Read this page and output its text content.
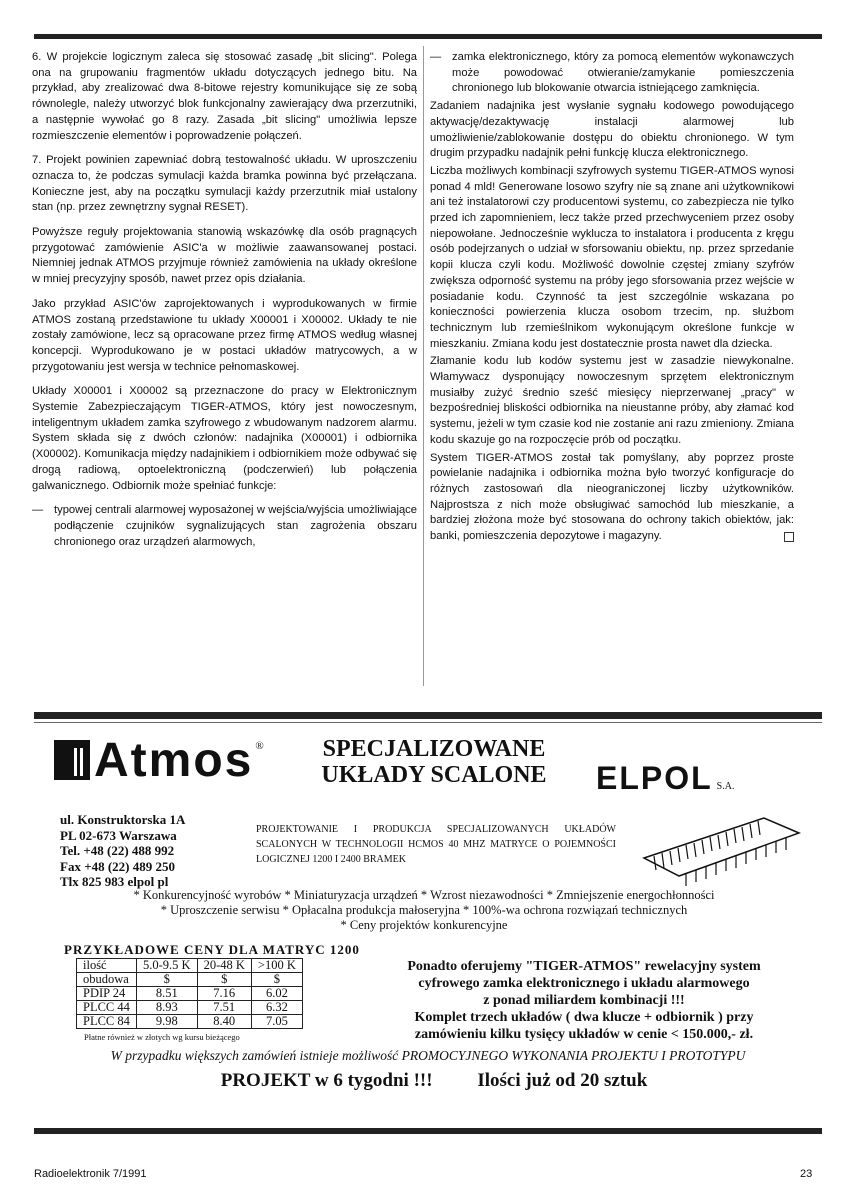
6. W projekcie logicznym zaleca się stosować zasadę „bit slicing". Polega ona na grupowaniu fragmentów układu dotyczących jednego bitu. Na przykład, aby zrealizować dwa 8-bitowe rejestry komunikujące się ze sobą równolegle, należy utworzyć blok funkcjonalny zawierający dwa przerzutniki, a następnie wywołać go 8 razy. Zasada „bit slicing" umożliwia lepsze rozmieszczenie elementów i poprowadzenie połączeń.

7. Projekt powinien zapewniać dobrą testowalność układu. W uproszczeniu oznacza to, że podczas symulacji każda bramka powinna być przełączana. Konieczne jest, aby na początku symulacji każdy przerzutnik miał ustalony stan (np. przez zewnętrzny sygnał RESET).

Powyższe reguły projektowania stanowią wskazówkę dla osób pragnących przygotować zamówienie ASIC'a w możliwie zaawansowanej postaci. Niemniej jednak ATMOS przyjmuje również zamówienia na układy określone w mniej precyzyjny sposób, nawet przez opis działania.

Jako przykład ASIC'ów zaprojektowanych i wyprodukowanych w firmie ATMOS zostaną przedstawione tu układy X00001 i X00002. Układy te nie zostały zamówione, lecz są opracowane przez firmę ATMOS według własnej koncepcji. Wyprodukowano je w postaci układów matrycowych, a w przygotowaniu jest wersja w technice pełnomaskowej.

Układy X00001 i X00002 są przeznaczone do pracy w Elektronicznym Systemie Zabezpieczającym TIGER-ATMOS, który jest nowoczesnym, inteligentnym układem zamka szyfrowego z wbudowanym nadzorem alarmu. System składa się z dwóch członów: nadajnika (X00001) i odbiornika (X00002). Komunikacja między nadajnikiem i odbiornikiem może odbywać się drogą radiową, optoelektroniczną (podczerwień) lub połączenia galwanicznego. Odbiornik może spełniać funkcje:

— typowej centrali alarmowej wyposażonej w wejścia/wyjścia umożliwiające podłączenie czujników sygnalizujących stan zagrożenia obszaru chronionego oraz urządzeń alarmowych,
— zamka elektronicznego, który za pomocą elementów wykonawczych może powodować otwieranie/zamykanie pomieszczenia chronionego lub blokowanie otwarcia istniejącego zamknięcia.

Zadaniem nadajnika jest wysłanie sygnału kodowego powodującego aktywację/dezaktywację instalacji alarmowej lub umożliwienie/zablokowanie dostępu do obiektu chronionego. W tym drugim przypadku nadajnik pełni funkcję klucza elektronicznego.

Liczba możliwych kombinacji szyfrowych systemu TIGER-ATMOS wynosi ponad 4 mld! Generowane losowo szyfry nie są znane ani użytkownikowi ani też instalatorowi czy producentowi systemu, co zabezpiecza nie tylko przed ich zapomnieniem, lecz także przed przechwyceniem przez osoby niepowołane. Jednocześnie wyklucza to instalatora i producenta z kręgu osób podejrzanych o udział w sforsowaniu obiektu, np. przez sprzedanie kopii klucza czyli kodu. Możliwość dowolnie częstej zmiany szyfrów zwiększa odporność systemu na próby jego sforsowania przez wejście w posiadanie kodu. Czynność ta jest szczególnie wskazana po konieczności powierzenia klucza osobom trzecim, np. służbom technicznym lub rzemieślnikom wykonującym określone funkcje w mieszkaniu. Zmiana kodu jest dostatecznie prosta nawet dla dziecka.

Złamanie kodu lub kodów systemu jest w zasadzie niewykonalne. Włamywacz dysponujący nowoczesnym sprzętem elektronicznym musiałby zużyć średnio sześć miesięcy nieprzerwanej „pracy" w bezpośredniej bliskości odbiornika na nieustanne próby, aby złamać kod systemu, jeżeli w tym czasie kod nie zostanie ani razu zmieniony. Zmiana kodu skazuje go na rozpoczęcie prób od początku.

System TIGER-ATMOS został tak pomyślany, aby poprzez proste powielanie nadajnika i odbiornika można było tworzyć konfiguracje do różnych zastosowań dla nieograniczonej liczby użytkowników. Najprostsza z nich może obsługiwać samochód lub mieszkanie, a bardziej złożona może być stosowana do ochrony takich obiektów, jak: banki, pomieszczenia depozytowe i magazyny.

Atmos ®	SPECJALIZOWANE
UKŁADY SCALONE	ELPOL S.A.
ul. Konstruktorska 1A
PL 02-673 Warszawa
Tel. +48 (22) 488 992
Fax +48 (22) 489 250
Tlx 825 983 elpol pl
PROJEKTOWANIE I PRODUKCJA SPECJALIZOWANYCH UKŁADÓW SCALONYCH W TECHNOLOGII HCMOS 40 MHZ MATRYCE O POJEMNOŚCI LOGICZNEJ 1200 I 2400 BRAMEK
* Konkurencyjność wyrobów * Miniaturyzacja urządzeń * Wzrost niezawodności * Zmniejszenie energochłonności
* Uproszczenie serwisu * Opłacalna produkcja małoseryjna * 100%-wa ochrona rozwiązań technicznych
* Ceny projektów konkurencyjne
PRZYKŁADOWE CENY DLA MATRYC 1200
ilość	5.0-9.5 K	20-48 K	>100 K
obudowa	$	$	$
PDIP 24	8.51	7.16	6.02
PLCC 44	8.93	7.51	6.32
PLCC 84	9.98	8.40	7.05
Płatne również w złotych wg kursu bieżącego
Ponadto oferujemy "TIGER-ATMOS" rewelacyjny system
cyfrowego zamka elektronicznego i układu alarmowego
z ponad miliardem kombinacji !!!
Komplet trzech układów ( dwa klucze + odbiornik ) przy
zamówieniu kilku tysięcy układów w cenie < 150.000,- zł.
W przypadku większych zamówień istnieje możliwość PROMOCYJNEGO WYKONANIA PROJEKTU I PROTOTYPU
PROJEKT w 6 tygodni !!! Ilości już od 20 sztuk
Radioelektronik 7/1991	23
